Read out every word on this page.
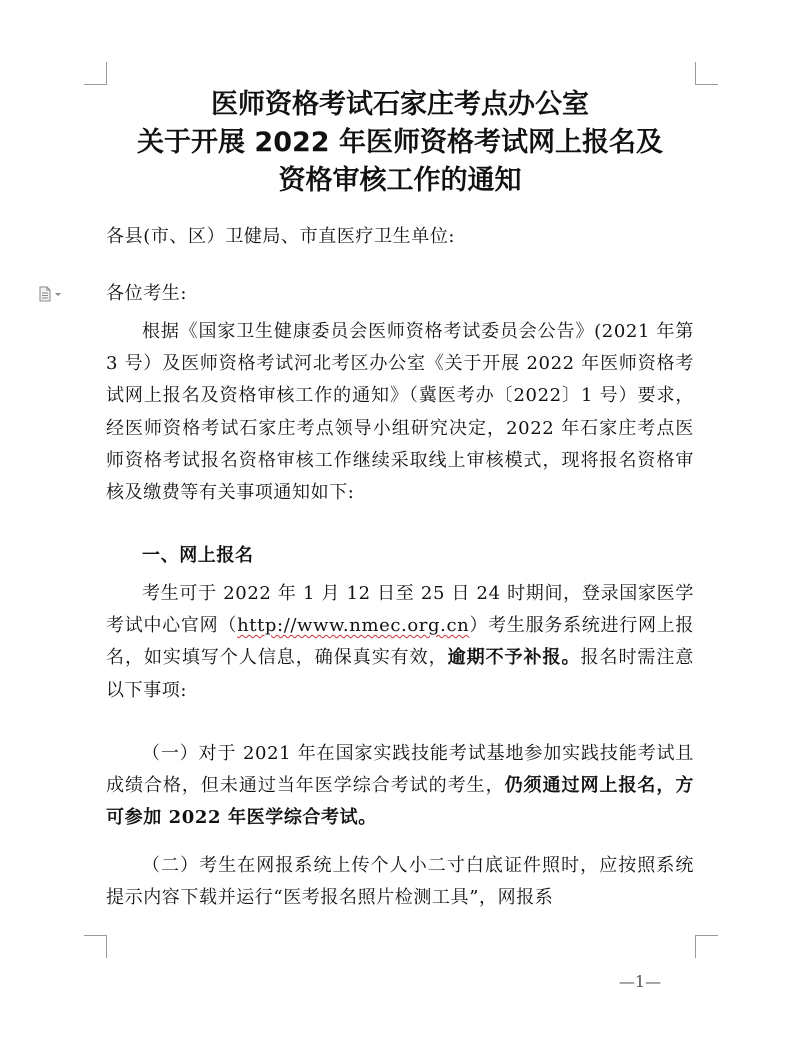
医师资格考试石家庄考点办公室
关于开展 2022 年医师资格考试网上报名及
资格审核工作的通知
各县(市、区）卫健局、市直医疗卫生单位:
各位考生:
根据《国家卫生健康委员会医师资格考试委员会公告》(2021 年第 3 号）及医师资格考试河北考区办公室《关于开展 2022 年医师资格考试网上报名及资格审核工作的通知》（冀医考办〔2022〕1 号）要求，经医师资格考试石家庄考点领导小组研究决定，2022 年石家庄考点医师资格考试报名资格审核工作继续采取线上审核模式，现将报名资格审核及缴费等有关事项通知如下:
一、网上报名
考生可于 2022 年 1 月 12 日至 25 日 24 时期间，登录国家医学考试中心官网（http://www.nmec.org.cn）考生服务系统进行网上报名，如实填写个人信息，确保真实有效，逾期不予补报。报名时需注意以下事项:
（一）对于 2021 年在国家实践技能考试基地参加实践技能考试且成绩合格，但未通过当年医学综合考试的考生，仍须通过网上报名，方可参加 2022 年医学综合考试。
（二）考生在网报系统上传个人小二寸白底证件照时，应按照系统提示内容下载并运行“医考报名照片检测工具”，网报系
—1—
